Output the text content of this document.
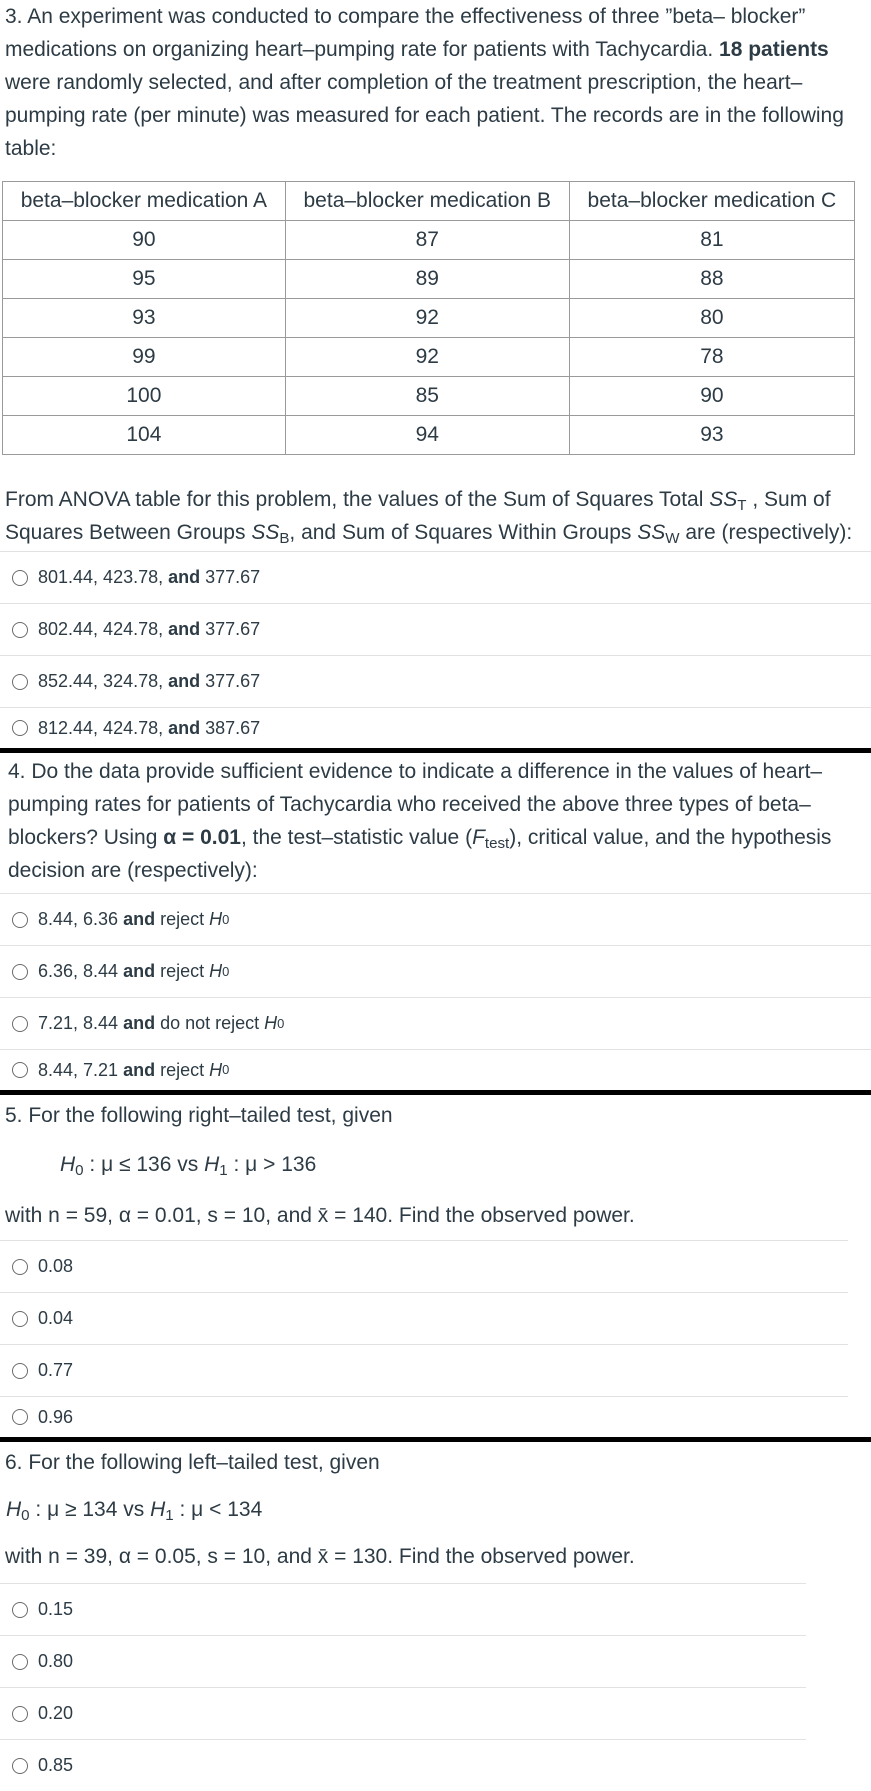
3. An experiment was conducted to compare the effectiveness of three ”beta– blocker” medications on organizing heart–pumping rate for patients with Tachycardia. 18 patients were randomly selected, and after completion of the treatment prescription, the heart–pumping rate (per minute) was measured for each patient. The records are in the following table:
beta–blocker medication A	beta–blocker medication B	beta–blocker medication C
90	87	81
95	89	88
93	92	80
99	92	78
100	85	90
104	94	93
From ANOVA table for this problem, the values of the Sum of Squares Total $SS_T$ , Sum of Squares Between Groups $SS_B$, and Sum of Squares Within Groups $SS_W$ are (respectively):
801.44, 423.78, and 377.67
802.44, 424.78, and 377.67
852.44, 324.78, and 377.67
812.44, 424.78, and 387.67
4. Do the data provide sufficient evidence to indicate a difference in the values of heart–pumping rates for patients of Tachycardia who received the above three types of beta–blockers? Using α = 0.01, the test–statistic value $(F_{test})$, critical value, and the hypothesis decision are (respectively):
8.44, 6.36 and reject
H 0
6.36, 8.44 and reject
H 0
7.21, 8.44 and do not reject
H 0
8.44, 7.21 and reject
H 0
5. For the following right–tailed test, given
$H_0$ : μ ≤ 136 vs $H_1$ : μ > 136
with n = 59, α = 0.01, s = 10, and x̄ = 140. Find the observed power.
0.08
0.04
0.77
0.96
6. For the following left–tailed test, given
$H_0$ : μ ≥ 134 vs $H_1$ : μ < 134
with n = 39, α = 0.05, s = 10, and x̄ = 130. Find the observed power.
0.15
0.80
0.20
0.85
